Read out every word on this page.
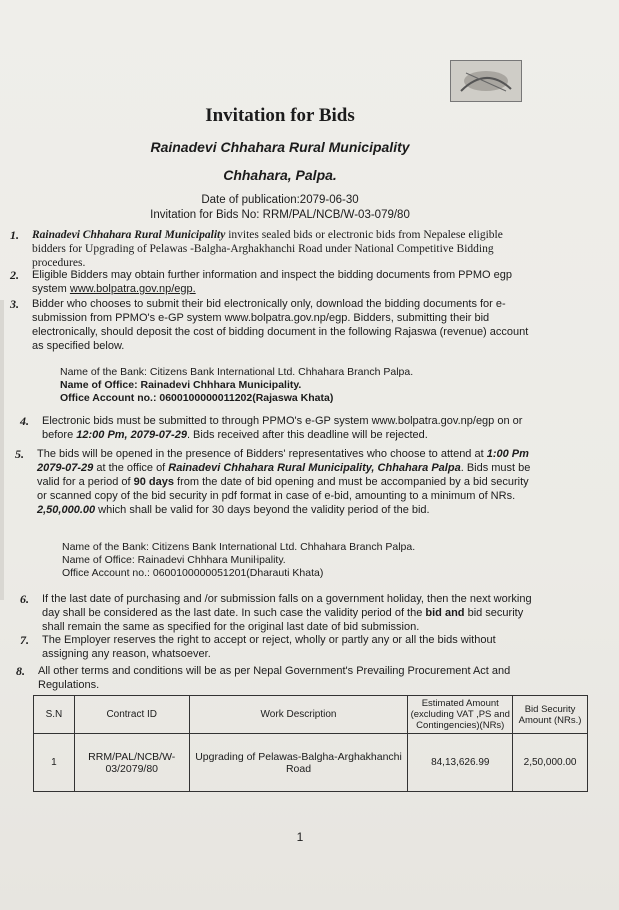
Invitation for Bids
Rainadevi Chhahara Rural Municipality
Chhahara, Palpa.
Date of publication:2079-06-30
Invitation for Bids No: RRM/PAL/NCB/W-03-079/80
1. Rainadevi Chhahara Rural Municipality invites sealed bids or electronic bids from Nepalese eligible bidders for Upgrading of Pelawas -Balgha-Arghakhanchi Road under National Competitive Bidding procedures.
2. Eligible Bidders may obtain further information and inspect the bidding documents from PPMO egp system www.bolpatra.gov.np/egp.
3. Bidder who chooses to submit their bid electronically only, download the bidding documents for e-submission from PPMO's e-GP system www.bolpatra.gov.np/egp. Bidders, submitting their bid electronically, should deposit the cost of bidding document in the following Rajaswa (revenue) account as specified below.
Name of the Bank: Citizens Bank International Ltd. Chhahara Branch Palpa.
Name of Office: Rainadevi Chhhara Municipality.
Office Account no.: 0600100000011202(Rajaswa Khata)
4. Electronic bids must be submitted to through PPMO's e-GP system www.bolpatra.gov.np/egp on or before 12:00 Pm, 2079-07-29. Bids received after this deadline will be rejected.
5. The bids will be opened in the presence of Bidders' representatives who choose to attend at 1:00 Pm 2079-07-29 at the office of Rainadevi Chhahara Rural Municipality, Chhahara Palpa. Bids must be valid for a period of 90 days from the date of bid opening and must be accompanied by a bid security or scanned copy of the bid security in pdf format in case of e-bid, amounting to a minimum of NRs. 2,50,000.00 which shall be valid for 30 days beyond the validity period of the bid.
Name of the Bank: Citizens Bank International Ltd. Chhahara Branch Palpa.
Name of Office: Rainadevi Chhhara Muniŀipality.
Office Account no.: 0600100000051201(Dharauti Khata)
6. If the last date of purchasing and /or submission falls on a government holiday, then the next working day shall be considered as the last date. In such case the validity period of the bid and bid security shall remain the same as specified for the original last date of bid submission.
7. The Employer reserves the right to accept or reject, wholly or partly any or all the bids without assigning any reason, whatsoever.
8. All other terms and conditions will be as per Nepal Government's Prevailing Procurement Act and Regulations.
S.N	Contract ID	Work Description	Estimated Amount (excluding VAT ,PS and Contingencies)(NRs)	Bid Security Amount (NRs.)
1	RRM/PAL/NCB/W-03/2079/80	Upgrading of Pelawas-Balgha-Arghakhanchi Road	84,13,626.99	2,50,000.00
1
